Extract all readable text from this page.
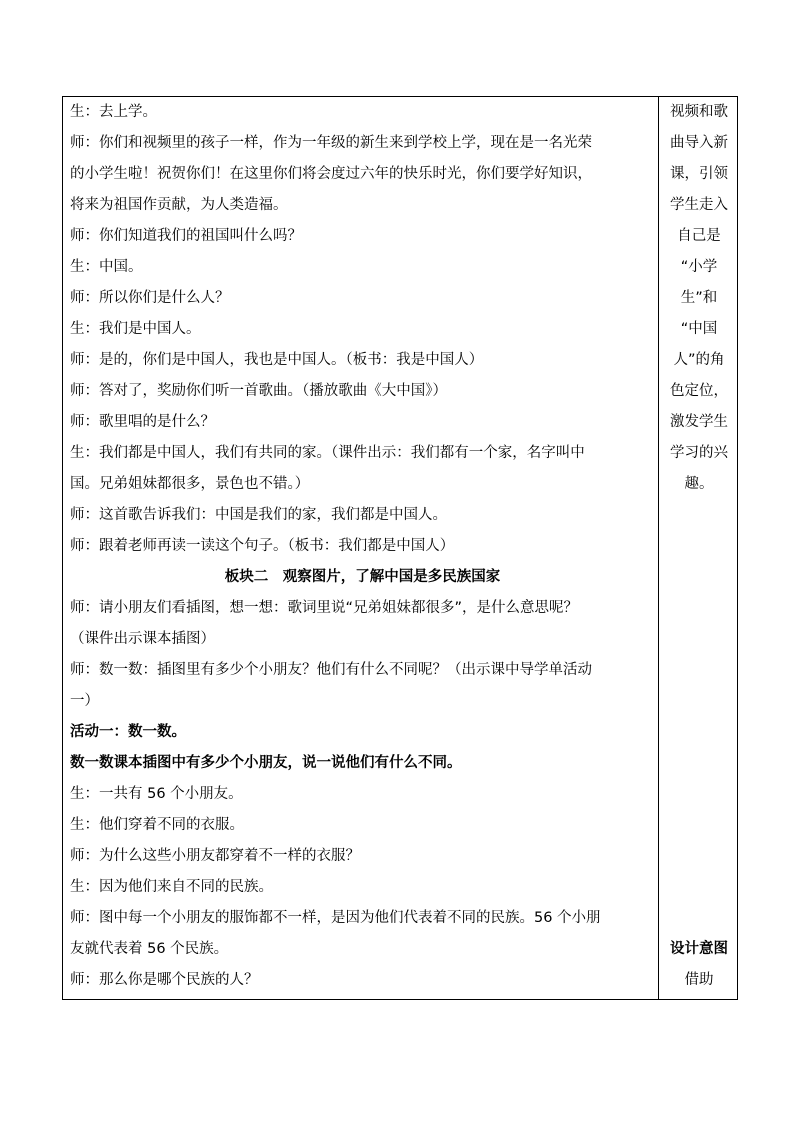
生：去上学。
师：你们和视频里的孩子一样，作为一年级的新生来到学校上学，现在是一名光荣
的小学生啦！祝贺你们！在这里你们将会度过六年的快乐时光，你们要学好知识，
将来为祖国作贡献，为人类造福。
师：你们知道我们的祖国叫什么吗？
生：中国。
师：所以你们是什么人？
生：我们是中国人。
师：是的，你们是中国人，我也是中国人。（板书：我是中国人）
师：答对了，奖励你们听一首歌曲。（播放歌曲《大中国》）
师：歌里唱的是什么？
生：我们都是中国人，我们有共同的家。（课件出示：我们都有一个家，名字叫中
国。兄弟姐妹都很多，景色也不错。）
师：这首歌告诉我们：中国是我们的家，我们都是中国人。
师：跟着老师再读一读这个句子。（板书：我们都是中国人）
板块二　观察图片，了解中国是多民族国家
师：请小朋友们看插图，想一想：歌词里说“兄弟姐妹都很多”，是什么意思呢？
（课件出示课本插图）
师：数一数：插图里有多少个小朋友？他们有什么不同呢？（出示课中导学单活动
一）
活动一：数一数。
数一数课本插图中有多少个小朋友，说一说他们有什么不同。
生：一共有 56 个小朋友。
生：他们穿着不同的衣服。
师：为什么这些小朋友都穿着不一样的衣服？
生：因为他们来自不同的民族。
师：图中每一个小朋友的服饰都不一样，是因为他们代表着不同的民族。56 个小朋
友就代表着 56 个民族。
师：那么你是哪个民族的人？
视频和歌
曲导入新
课，引领
学生走入
自己是
“小学
生”和
“中国
人”的角
色定位，
激发学生
学习的兴
趣。
设计意图
借助
